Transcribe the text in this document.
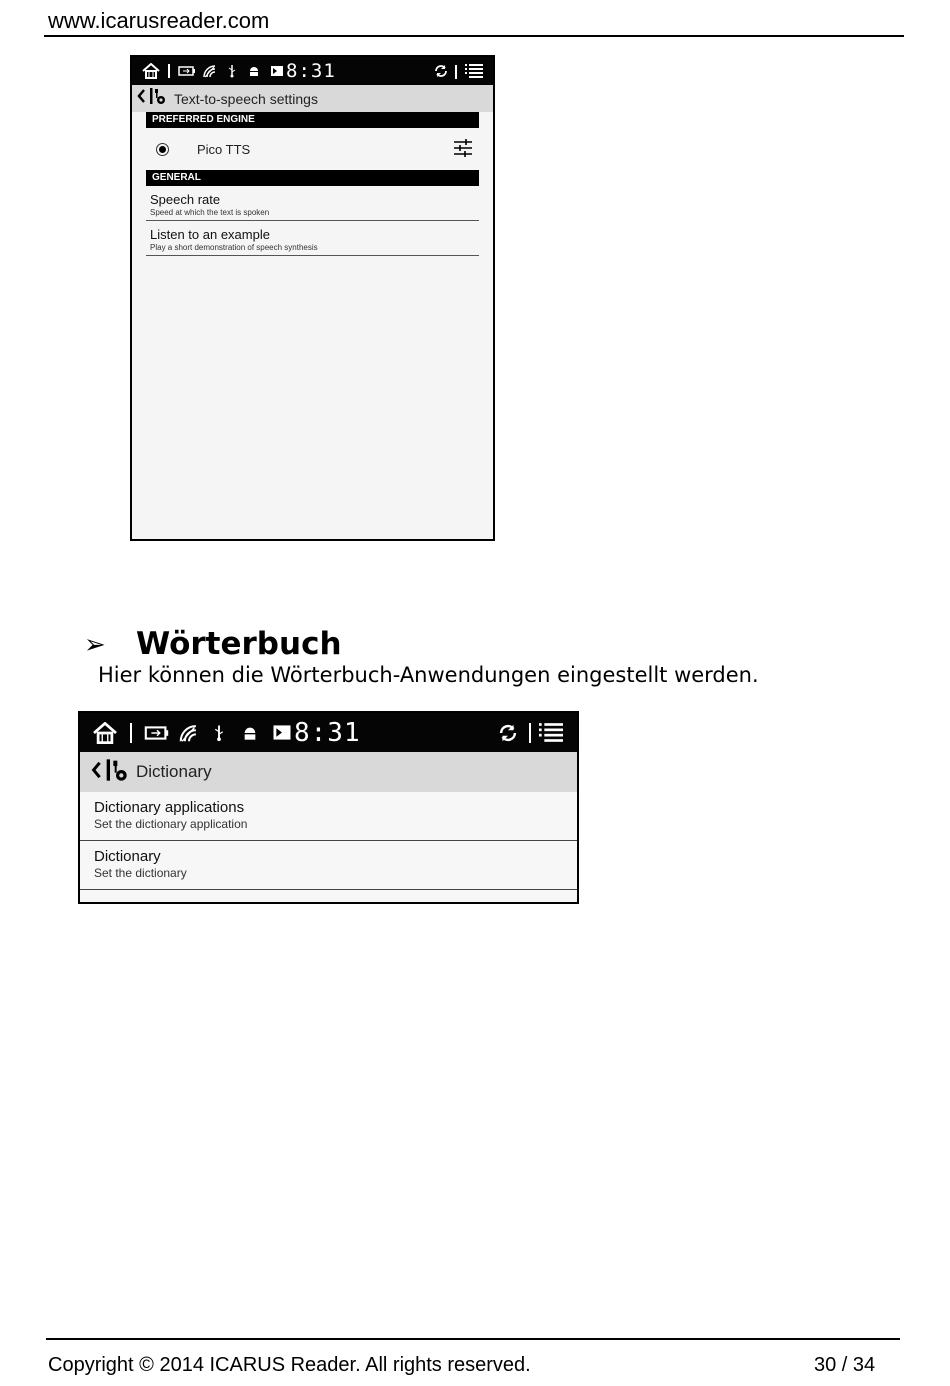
www.icarusreader.com
8:31
Text-to-speech settings
PREFERRED ENGINE
Pico TTS
GENERAL
Speech rate
Speed at which the text is spoken
Listen to an example
Play a short demonstration of speech synthesis
➢ Wörterbuch
Hier können die Wörterbuch-Anwendungen eingestellt werden.
8:31
Dictionary
Dictionary applications
Set the dictionary application
Dictionary
Set the dictionary
Copyright © 2014 ICARUS Reader. All rights reserved.	30 / 34
